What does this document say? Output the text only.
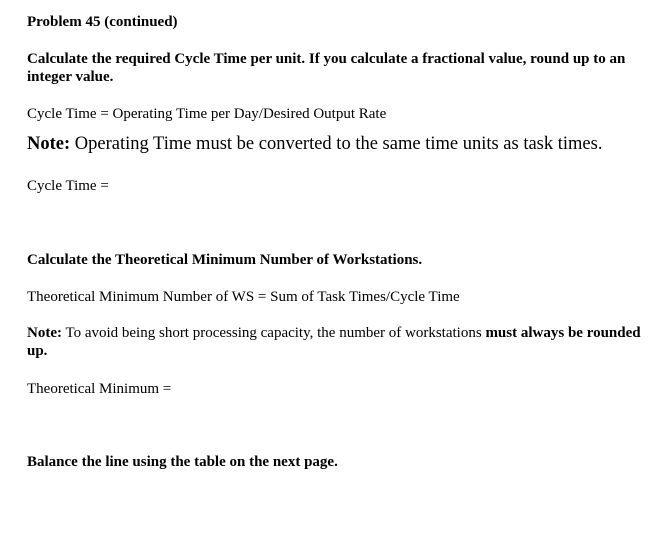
Problem 45 (continued)
Calculate the required Cycle Time per unit. If you calculate a fractional value, round up to an integer value.
Cycle Time = Operating Time per Day/Desired Output Rate
Note: Operating Time must be converted to the same time units as task times.
Cycle Time =
Calculate the Theoretical Minimum Number of Workstations.
Theoretical Minimum Number of WS = Sum of Task Times/Cycle Time
Note: To avoid being short processing capacity, the number of workstations must always be rounded up.
Theoretical Minimum =
Balance the line using the table on the next page.
